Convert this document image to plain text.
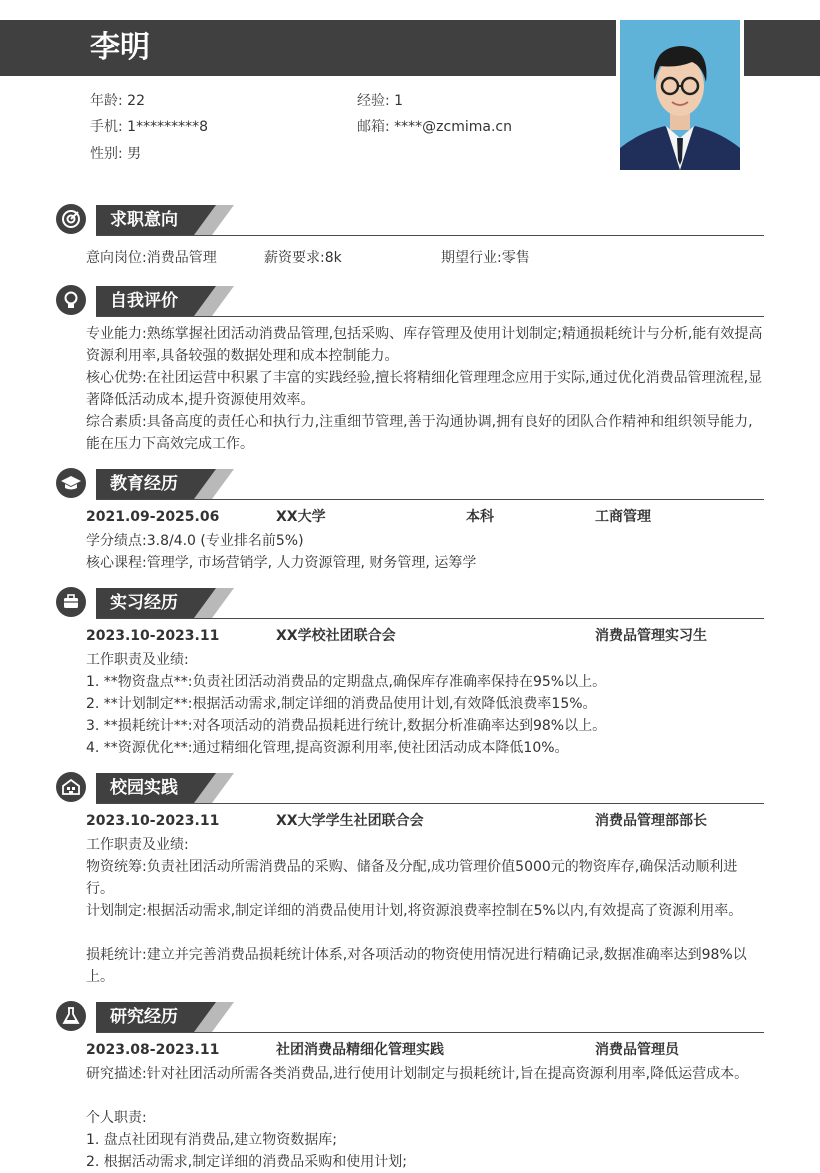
李明
年龄: 22	经验: 1
手机: 1*********8	邮箱: ****@zcmima.cn
性别: 男
求职意向
意向岗位:消费品管理	薪资要求:8k	期望行业:零售
自我评价
专业能力:熟练掌握社团活动消费品管理,包括采购、库存管理及使用计划制定;精通损耗统计与分析,能有效提高资源利用率,具备较强的数据处理和成本控制能力。
核心优势:在社团运营中积累了丰富的实践经验,擅长将精细化管理理念应用于实际,通过优化消费品管理流程,显著降低活动成本,提升资源使用效率。
综合素质:具备高度的责任心和执行力,注重细节管理,善于沟通协调,拥有良好的团队合作精神和组织领导能力,能在压力下高效完成工作。
教育经历
2021.09-2025.06	XX大学	本科	工商管理
学分绩点:3.8/4.0 (专业排名前5%)
核心课程:管理学, 市场营销学, 人力资源管理, 财务管理, 运筹学
实习经历
2023.10-2023.11	XX学校社团联合会	消费品管理实习生
工作职责及业绩:
1. **物资盘点**:负责社团活动消费品的定期盘点,确保库存准确率保持在95%以上。
2. **计划制定**:根据活动需求,制定详细的消费品使用计划,有效降低浪费率15%。
3. **损耗统计**:对各项活动的消费品损耗进行统计,数据分析准确率达到98%以上。
4. **资源优化**:通过精细化管理,提高资源利用率,使社团活动成本降低10%。
校园实践
2023.10-2023.11	XX大学学生社团联合会	消费品管理部部长
工作职责及业绩:
物资统筹:负责社团活动所需消费品的采购、储备及分配,成功管理价值5000元的物资库存,确保活动顺利进行。
计划制定:根据活动需求,制定详细的消费品使用计划,将资源浪费率控制在5%以内,有效提高了资源利用率。
损耗统计:建立并完善消费品损耗统计体系,对各项活动的物资使用情况进行精确记录,数据准确率达到98%以上。
研究经历
2023.08-2023.11	社团消费品精细化管理实践	消费品管理员
研究描述:针对社团活动所需各类消费品,进行使用计划制定与损耗统计,旨在提高资源利用率,降低运营成本。
个人职责:
1. 盘点社团现有消费品,建立物资数据库;
2. 根据活动需求,制定详细的消费品采购和使用计划;
